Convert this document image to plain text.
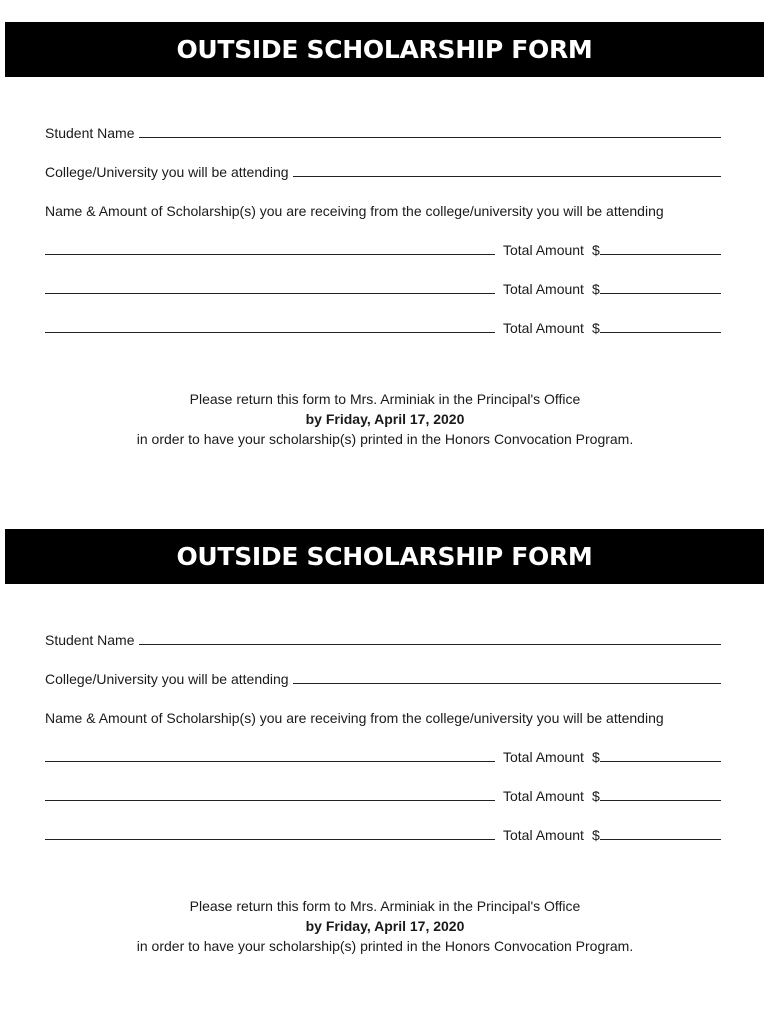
OUTSIDE SCHOLARSHIP FORM
Student Name
College/University you will be attending
Name & Amount of Scholarship(s) you are receiving from the college/university you will be attending
Total Amount $
Total Amount $
Total Amount $
Please return this form to Mrs. Arminiak in the Principal's Office
by Friday, April 17, 2020
in order to have your scholarship(s) printed in the Honors Convocation Program.
OUTSIDE SCHOLARSHIP FORM
Student Name
College/University you will be attending
Name & Amount of Scholarship(s) you are receiving from the college/university you will be attending
Total Amount $
Total Amount $
Total Amount $
Please return this form to Mrs. Arminiak in the Principal's Office
by Friday, April 17, 2020
in order to have your scholarship(s) printed in the Honors Convocation Program.
